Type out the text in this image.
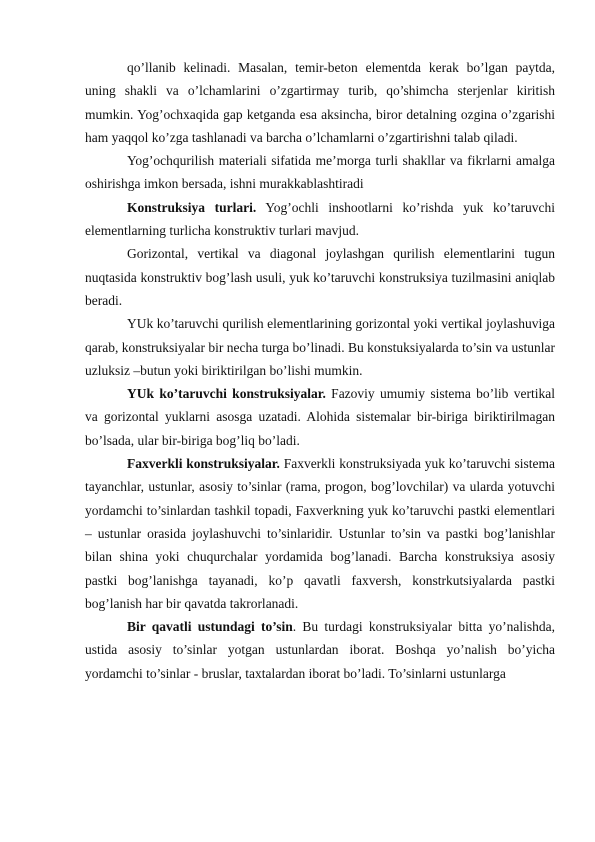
qo’llanib kelinadi. Masalan, temir-beton elementda kerak bo’lgan paytda, uning shakli va o’lchamlarini o’zgartirmay turib, qo’shimcha sterjenlar kiritish mumkin. Yog’ochxaqida gap ketganda esa aksincha, biror detalning ozgina o’zgarishi ham yaqqol ko’zga tashlanadi va barcha o’lchamlarni o’zgartirishni talab qiladi.

Yog’ochqurilish materiali sifatida me’morga turli shakllar va fikrlarni amalga oshirishga imkon bersada, ishni murakkablashtiradi

Konstruksiya turlari. Yog’ochli inshootlarni ko’rishda yuk ko’taruvchi elementlarning turlicha konstruktiv turlari mavjud.

Gorizontal, vertikal va diagonal joylashgan qurilish elementlarini tugun nuqtasida konstruktiv bog’lash usuli, yuk ko’taruvchi konstruksiya tuzilmasini aniqlab beradi.

YUk ko’taruvchi qurilish elementlarining gorizontal yoki vertikal joylashuviga qarab, konstruksiyalar bir necha turga bo’linadi. Bu konstuksiyalarda to’sin va ustunlar uzluksiz –butun yoki biriktirilgan bo’lishi mumkin.

YUk ko’taruvchi konstruksiyalar. Fazoviy umumiy sistema bo’lib vertikal va gorizontal yuklarni asosga uzatadi. Alohida sistemalar bir-biriga biriktirilmagan bo’lsada, ular bir-biriga bog’liq bo’ladi.

Faxverkli konstruksiyalar. Faxverkli konstruksiyada yuk ko’taruvchi sistema tayanchlar, ustunlar, asosiy to’sinlar (rama, progon, bog’lovchilar) va ularda yotuvchi yordamchi to’sinlardan tashkil topadi, Faxverkning yuk ko’taruvchi pastki elementlari – ustunlar orasida joylashuvchi to’sinlaridir. Ustunlar to’sin va pastki bog’lanishlar bilan shina yoki chuqurchalar yordamida bog’lanadi. Barcha konstruksiya asosiy pastki bog’lanishga tayanadi, ko’p qavatli faxversh, konstrkutsiyalarda pastki bog’lanish har bir qavatda takrorlanadi.

Bir qavatli ustundagi to’sin. Bu turdagi konstruksiyalar bitta yo’nalishda, ustida asosiy to’sinlar yotgan ustunlardan iborat. Boshqa yo’nalish bo’yicha yordamchi to’sinlar - bruslar, taxtalardan iborat bo’ladi. To’sinlarni ustunlarga
